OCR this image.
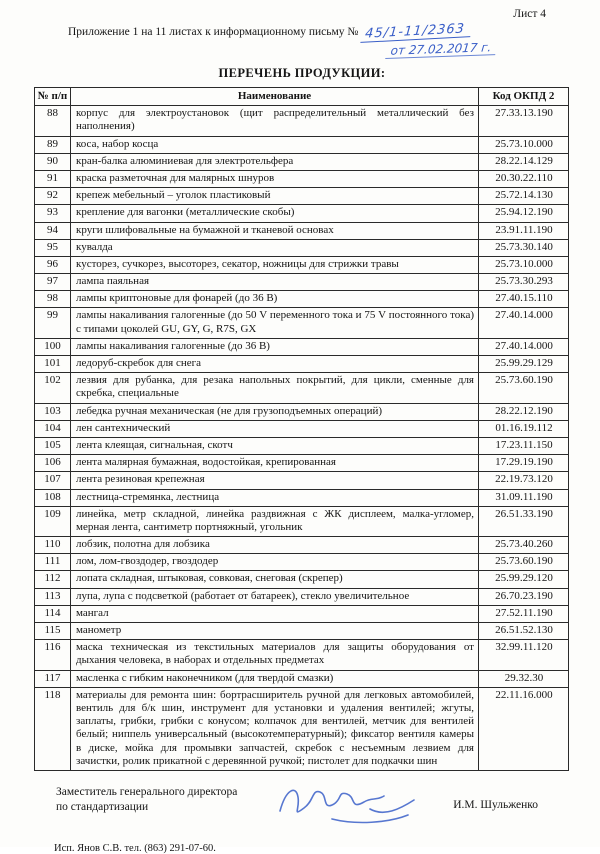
Лист 4
Приложение 1 на 11 листах к информационному письму № 45/1-11/2363
от 27.02.2017 г.
ПЕРЕЧЕНЬ ПРОДУКЦИИ:
№ п/п	Наименование	Код ОКПД 2
88	корпус для электроустановок (щит распределительный металлический без наполнения)	27.33.13.190
89	коса, набор косца	25.73.10.000
90	кран-балка алюминиевая для электротельфера	28.22.14.129
91	краска разметочная для малярных шнуров	20.30.22.110
92	крепеж мебельный – уголок пластиковый	25.72.14.130
93	крепление для вагонки (металлические скобы)	25.94.12.190
94	круги шлифовальные на бумажной и тканевой основах	23.91.11.190
95	кувалда	25.73.30.140
96	кусторез, сучкорез, высоторез, секатор, ножницы для стрижки травы	25.73.10.000
97	лампа паяльная	25.73.30.293
98	лампы криптоновые для фонарей (до 36 В)	27.40.15.110
99	лампы накаливания галогенные (до 50 V переменного тока и 75 V постоянного тока) с типами цоколей GU, GY, G, R7S, GX	27.40.14.000
100	лампы накаливания галогенные (до 36 В)	27.40.14.000
101	ледоруб-скребок для снега	25.99.29.129
102	лезвия для рубанка, для резака напольных покрытий, для цикли, сменные для скребка, специальные	25.73.60.190
103	лебедка ручная механическая (не для грузоподъемных операций)	28.22.12.190
104	лен сантехнический	01.16.19.112
105	лента клеящая, сигнальная, скотч	17.23.11.150
106	лента малярная бумажная, водостойкая, крепированная	17.29.19.190
107	лента резиновая крепежная	22.19.73.120
108	лестница-стремянка, лестница	31.09.11.190
109	линейка, метр складной, линейка раздвижная с ЖК дисплеем, малка-угломер, мерная лента, сантиметр портняжный, угольник	26.51.33.190
110	лобзик, полотна для лобзика	25.73.40.260
111	лом, лом-гвоздодер, гвоздодер	25.73.60.190
112	лопата складная, штыковая, совковая, снеговая (скрепер)	25.99.29.120
113	лупа, лупа с подсветкой (работает от батареек), стекло увеличительное	26.70.23.190
114	мангал	27.52.11.190
115	манометр	26.51.52.130
116	маска техническая из текстильных материалов для защиты оборудования от дыхания человека, в наборах и отдельных предметах	32.99.11.120
117	масленка с гибким наконечником (для твердой смазки)	29.32.30
118	материалы для ремонта шин: бортрасширитель ручной для легковых автомобилей, вентиль для б/к шин, инструмент для установки и удаления вентилей; жгуты, заплаты, грибки, грибки с конусом; колпачок для вентилей, метчик для вентилей белый; ниппель универсальный (высокотемпературный); фиксатор вентиля камеры в диске, мойка для промывки запчастей, скребок с несъемным лезвием для зачистки, ролик прикатной с деревянной ручкой; пистолет для подкачки шин	22.11.16.000
Заместитель генерального директора
по стандартизации	И.М. Шульженко
Исп. Янов С.В. тел. (863) 291-07-60.
